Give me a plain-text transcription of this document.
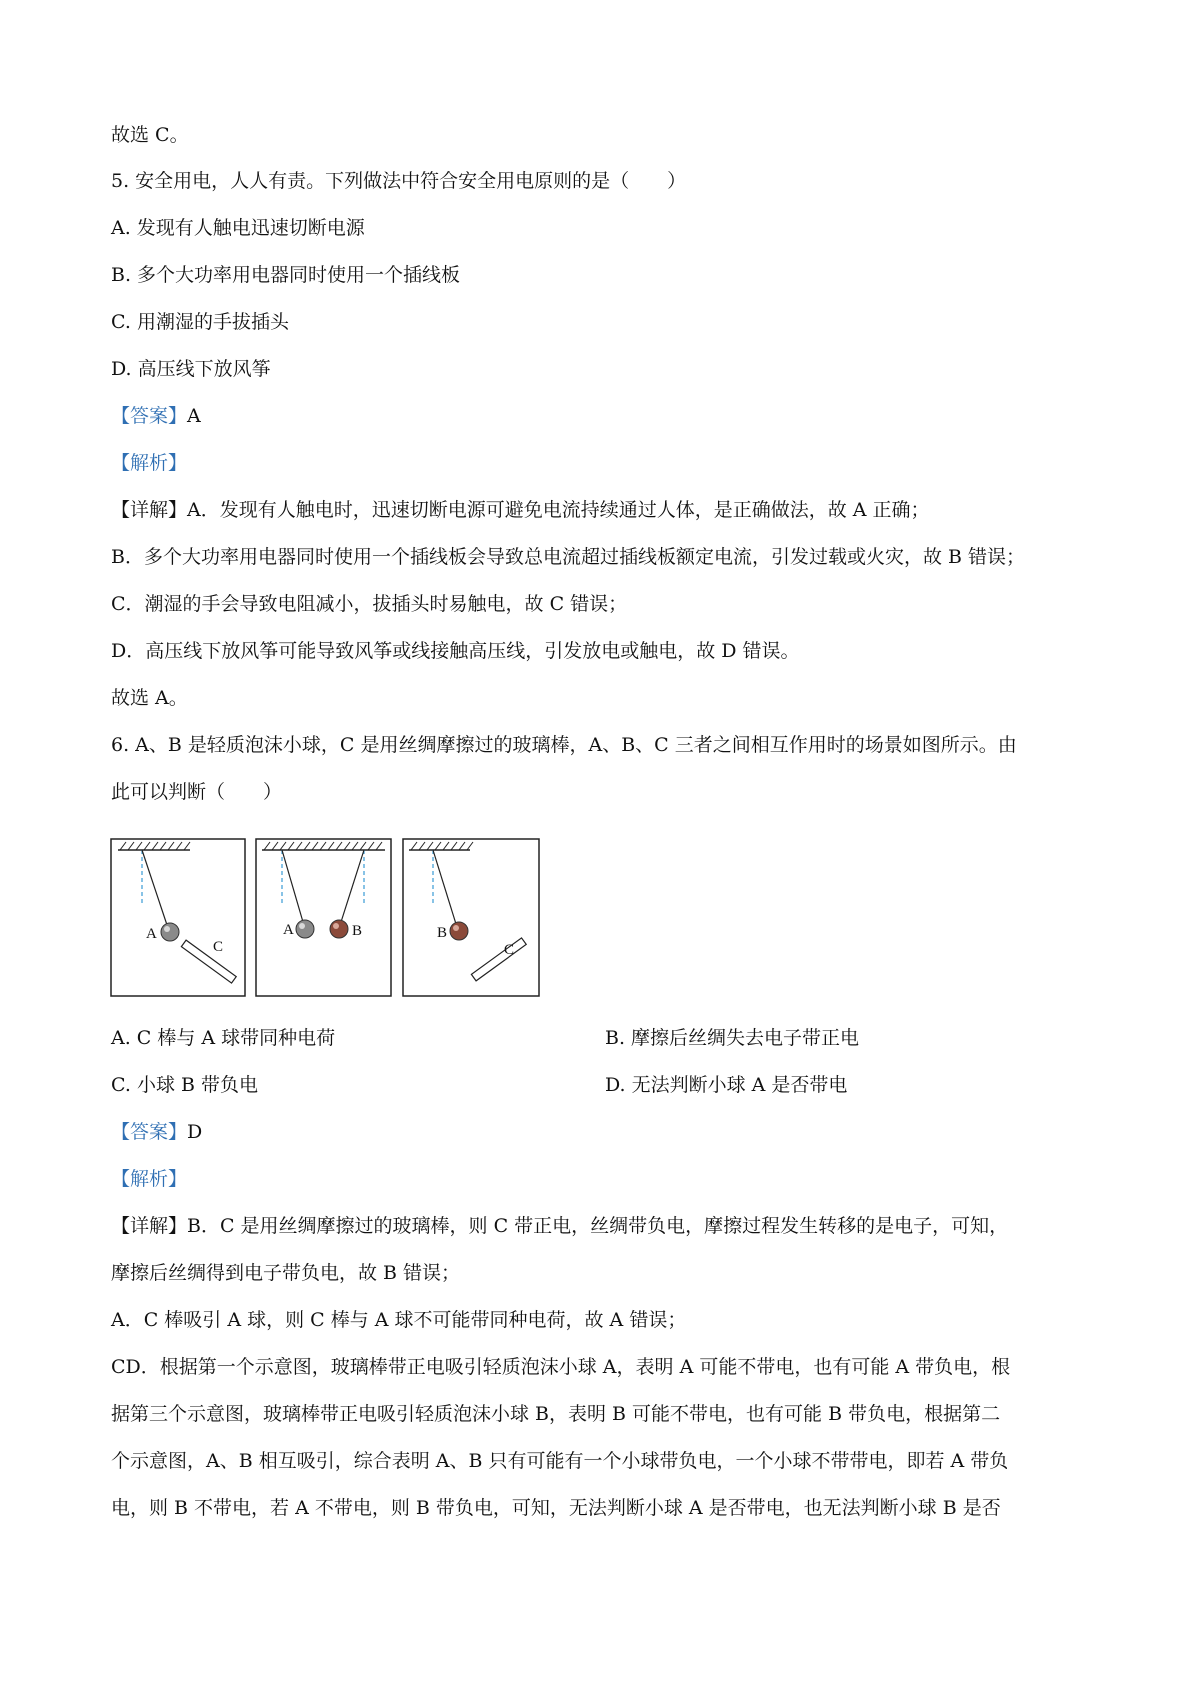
故选 C。
5. 安全用电，人人有责。下列做法中符合安全用电原则的是（　　）
A. 发现有人触电迅速切断电源
B. 多个大功率用电器同时使用一个插线板
C. 用潮湿的手拔插头
D. 高压线下放风筝
【答案】A
【解析】
【详解】A．发现有人触电时，迅速切断电源可避免电流持续通过人体，是正确做法，故 A 正确；
B．多个大功率用电器同时使用一个插线板会导致总电流超过插线板额定电流，引发过载或火灾，故 B 错误；
C．潮湿的手会导致电阻减小，拔插头时易触电，故 C 错误；
D．高压线下放风筝可能导致风筝或线接触高压线，引发放电或触电，故 D 错误。
故选 A。
6. A、B 是轻质泡沫小球，C 是用丝绸摩擦过的玻璃棒，A、B、C 三者之间相互作用时的场景如图所示。由
此可以判断（　　）
A
C
A	B	B
C
A. C 棒与 A 球带同种电荷	B. 摩擦后丝绸失去电子带正电
C. 小球 B 带负电	D. 无法判断小球 A 是否带电
【答案】D
【解析】
【详解】B．C 是用丝绸摩擦过的玻璃棒，则 C 带正电，丝绸带负电，摩擦过程发生转移的是电子，可知，
摩擦后丝绸得到电子带负电，故 B 错误；
A．C 棒吸引 A 球，则 C 棒与 A 球不可能带同种电荷，故 A 错误；
CD．根据第一个示意图，玻璃棒带正电吸引轻质泡沫小球 A，表明 A 可能不带电，也有可能 A 带负电，根
据第三个示意图，玻璃棒带正电吸引轻质泡沫小球 B，表明 B 可能不带电，也有可能 B 带负电，根据第二
个示意图，A、B 相互吸引，综合表明 A、B 只有可能有一个小球带负电，一个小球不带带电，即若 A 带负
电，则 B 不带电，若 A 不带电，则 B 带负电，可知，无法判断小球 A 是否带电，也无法判断小球 B 是否
